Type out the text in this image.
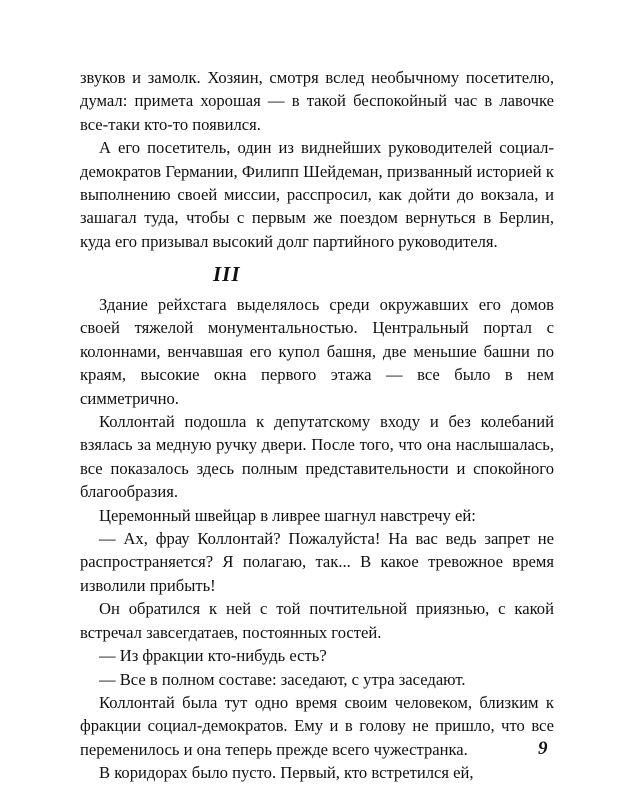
звуков и замолк. Хозяин, смотря вслед необычному посетителю, думал: примета хорошая — в такой беспокойный час в лавочке все-таки кто-то появился.

А его посетитель, один из виднейших руководителей социал-демократов Германии, Филипп Шейдеман, призванный историей к выполнению своей миссии, расспросил, как дойти до вокзала, и зашагал туда, чтобы с первым же поездом вернуться в Берлин, куда его призывал высокий долг партийного руководителя.

III

Здание рейхстага выделялось среди окружавших его домов своей тяжелой монументальностью. Центральный портал с колоннами, венчавшая его купол башня, две меньшие башни по краям, высокие окна первого этажа — все было в нем симметрично.

Коллонтай подошла к депутатскому входу и без колебаний взялась за медную ручку двери. После того, что она наслышалась, все показалось здесь полным представительности и спокойного благообразия.

Церемонный швейцар в ливрее шагнул навстречу ей:

— Ах, фрау Коллонтай? Пожалуйста! На вас ведь запрет не распространяется? Я полагаю, так... В какое тревожное время изволили прибыть!

Он обратился к ней с той почтительной приязнью, с какой встречал завсегдатаев, постоянных гостей.

— Из фракции кто-нибудь есть?

— Все в полном составе: заседают, с утра заседают.

Коллонтай была тут одно время своим человеком, близким к фракции социал-демократов. Ему и в голову не пришло, что все переменилось и она теперь прежде всего чужестранка.

В коридорах было пусто. Первый, кто встретился ей,

9
